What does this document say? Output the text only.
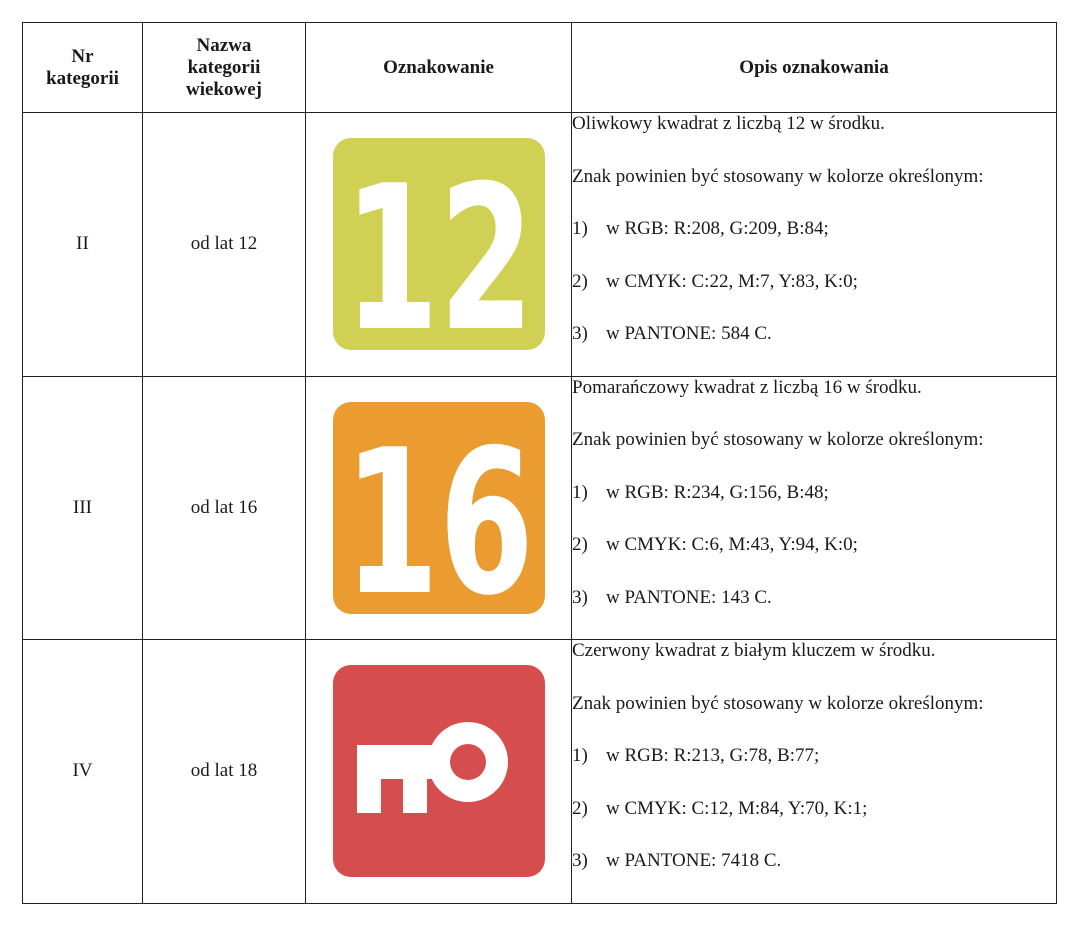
Nr
kategorii	Nazwa
kategorii
wiekowej	Oznakowanie	Opis oznakowania
II	od lat 12	12	Oliwkowy kwadrat z liczbą 12 w środku.

Znak powinien być stosowany w kolorze określonym:

1) w RGB: R:208, G:209, B:84;

2) w CMYK: C:22, M:7, Y:83, K:0;

3) w PANTONE: 584 C.

III	od lat 16	16	Pomarańczowy kwadrat z liczbą 16 w środku.

Znak powinien być stosowany w kolorze określonym:

1) w RGB: R:234, G:156, B:48;

2) w CMYK: C:6, M:43, Y:94, K:0;

3) w PANTONE: 143 C.

IV	od lat 18		Czerwony kwadrat z białym kluczem w środku.

Znak powinien być stosowany w kolorze określonym:

1) w RGB: R:213, G:78, B:77;

2) w CMYK: C:12, M:84, Y:70, K:1;

3) w PANTONE: 7418 C.
